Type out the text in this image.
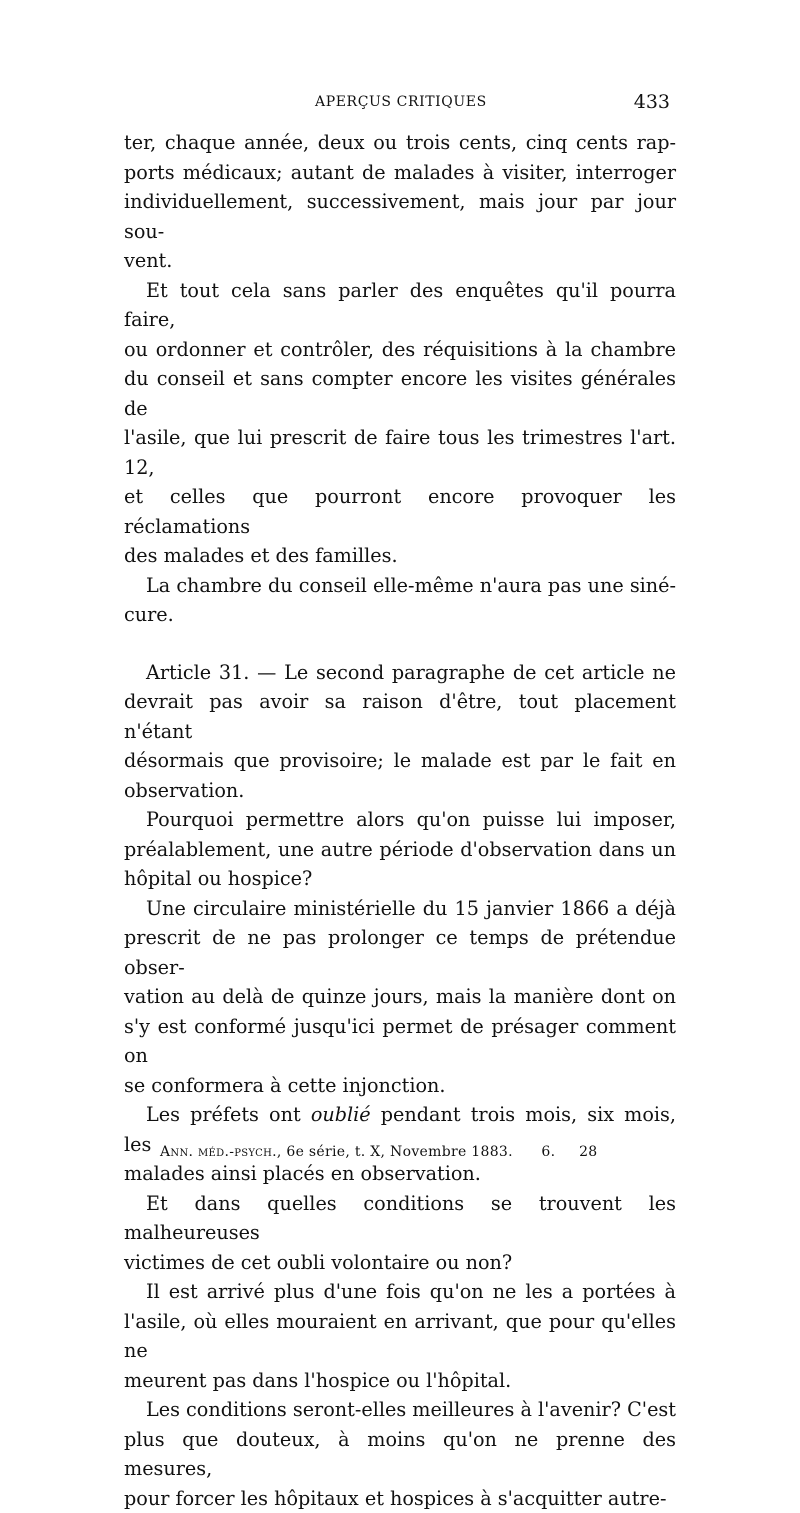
APERÇUS CRITIQUES	433

ter, chaque année, deux ou trois cents, cinq cents rap-

ports médicaux; autant de malades à visiter, interroger

individuellement, successivement, mais jour par jour sou-

vent.

Et tout cela sans parler des enquêtes qu'il pourra faire,

ou ordonner et contrôler, des réquisitions à la chambre

du conseil et sans compter encore les visites générales de

l'asile, que lui prescrit de faire tous les trimestres l'art. 12,

et celles que pourront encore provoquer les réclamations

des malades et des familles.

La chambre du conseil elle-même n'aura pas une siné-

cure.

Article 31. — Le second paragraphe de cet article ne

devrait pas avoir sa raison d'être, tout placement n'étant

désormais que provisoire; le malade est par le fait en

observation.

Pourquoi permettre alors qu'on puisse lui imposer,

préalablement, une autre période d'observation dans un

hôpital ou hospice?

Une circulaire ministérielle du 15 janvier 1866 a déjà

prescrit de ne pas prolonger ce temps de prétendue obser-

vation au delà de quinze jours, mais la manière dont on

s'y est conformé jusqu'ici permet de présager comment on

se conformera à cette injonction.

Les préfets ont oublié pendant trois mois, six mois, les

malades ainsi placés en observation.

Et dans quelles conditions se trouvent les malheureuses

victimes de cet oubli volontaire ou non?

Il est arrivé plus d'une fois qu'on ne les a portées à

l'asile, où elles mouraient en arrivant, que pour qu'elles ne

meurent pas dans l'hospice ou l'hôpital.

Les conditions seront-elles meilleures à l'avenir? C'est

plus que douteux, à moins qu'on ne prenne des mesures,

pour forcer les hôpitaux et hospices à s'acquitter autre-

Ann. méd.-psych., 6e série, t. X, Novembre 1883.      6.     28
